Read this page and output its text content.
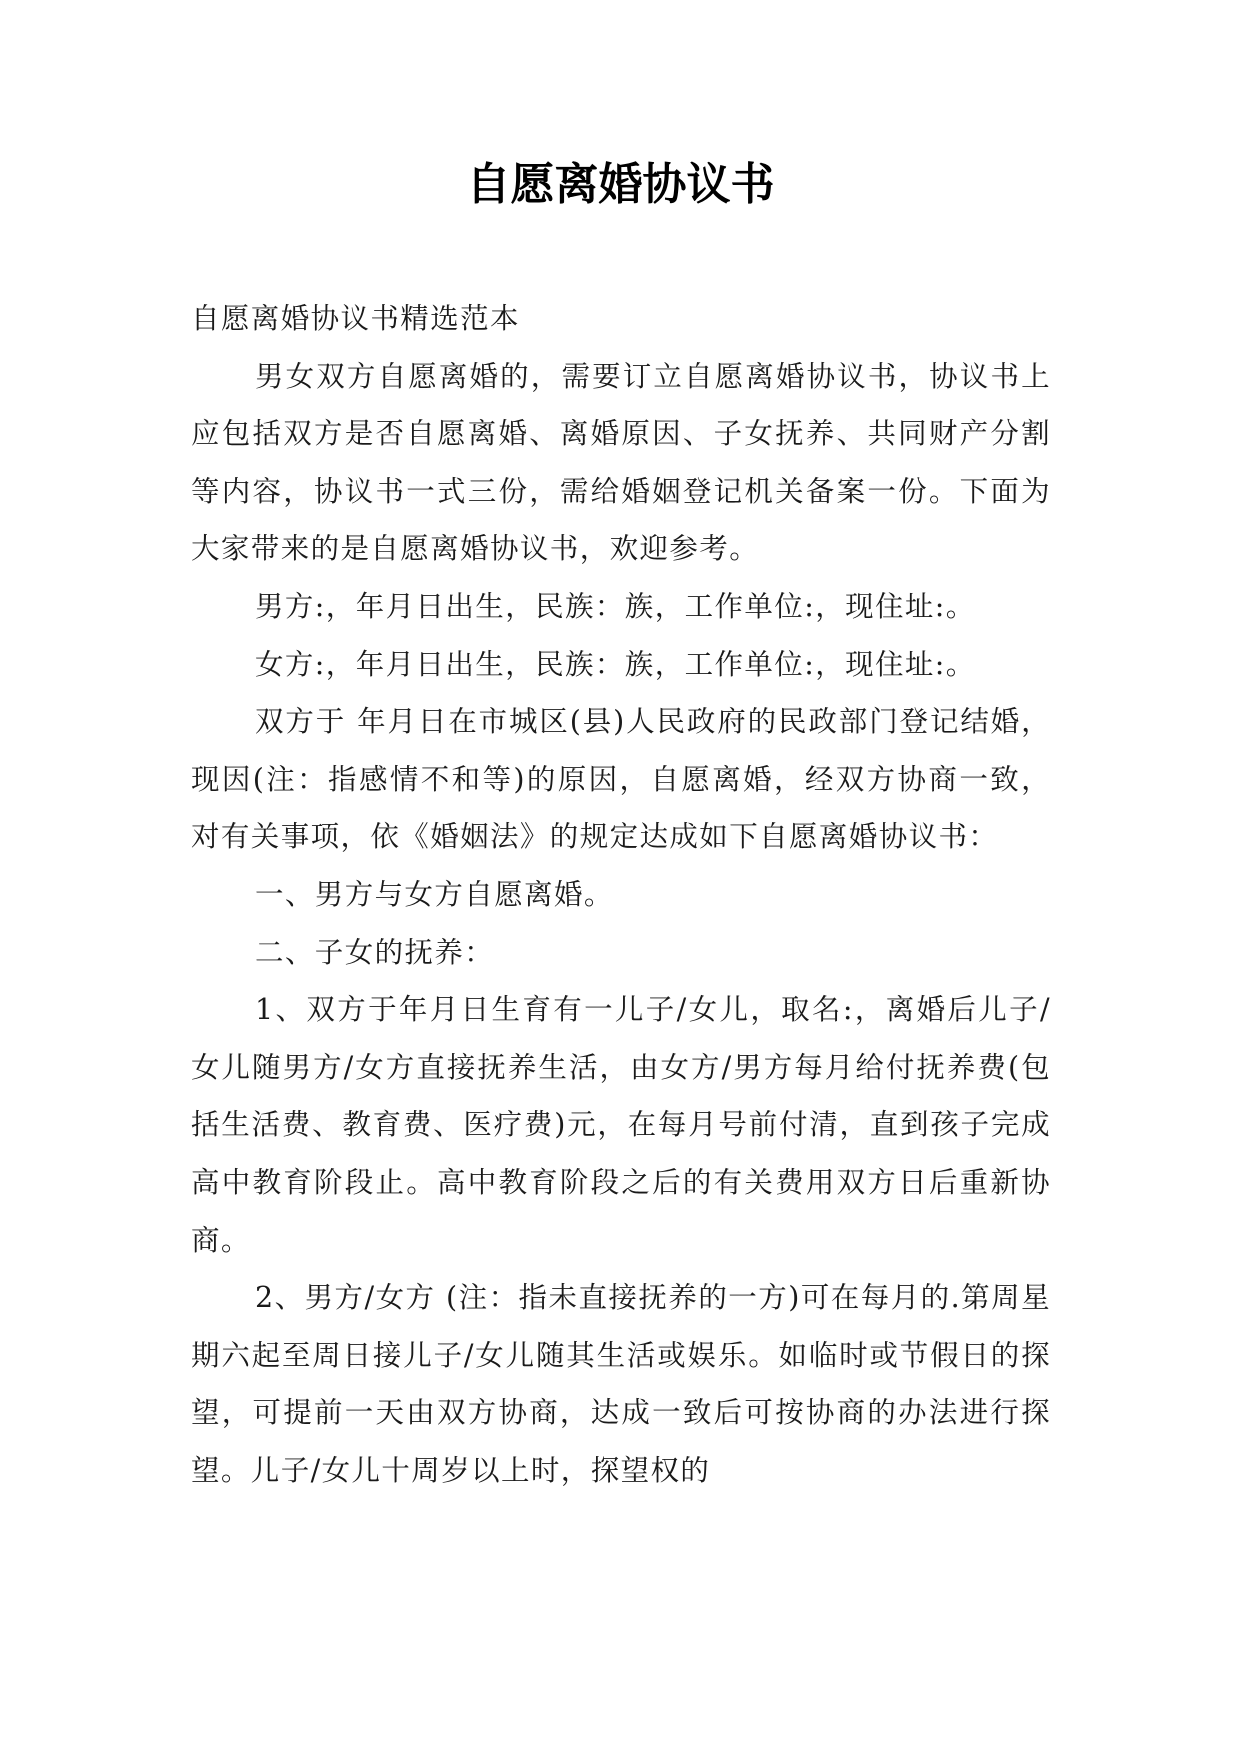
自愿离婚协议书

自愿离婚协议书精选范本

男女双方自愿离婚的，需要订立自愿离婚协议书，协议书上应包括双方是否自愿离婚、离婚原因、子女抚养、共同财产分割等内容，协议书一式三份，需给婚姻登记机关备案一份。下面为大家带来的是自愿离婚协议书，欢迎参考。

男方:，年月日出生，民族：族，工作单位:，现住址:。

女方:，年月日出生，民族：族，工作单位:，现住址:。

双方于 年月日在市城区(县)人民政府的民政部门登记结婚，现因(注：指感情不和等)的原因，自愿离婚，经双方协商一致，对有关事项，依《婚姻法》的规定达成如下自愿离婚协议书：

一、男方与女方自愿离婚。

二、子女的抚养：

1、双方于年月日生育有一儿子/女儿，取名:，离婚后儿子/女儿随男方/女方直接抚养生活，由女方/男方每月给付抚养费(包括生活费、教育费、医疗费)元，在每月号前付清，直到孩子完成高中教育阶段止。高中教育阶段之后的有关费用双方日后重新协商。

2、男方/女方 (注：指未直接抚养的一方)可在每月的.第周星期六起至周日接儿子/女儿随其生活或娱乐。如临时或节假日的探望，可提前一天由双方协商，达成一致后可按协商的办法进行探望。儿子/女儿十周岁以上时，探望权的
